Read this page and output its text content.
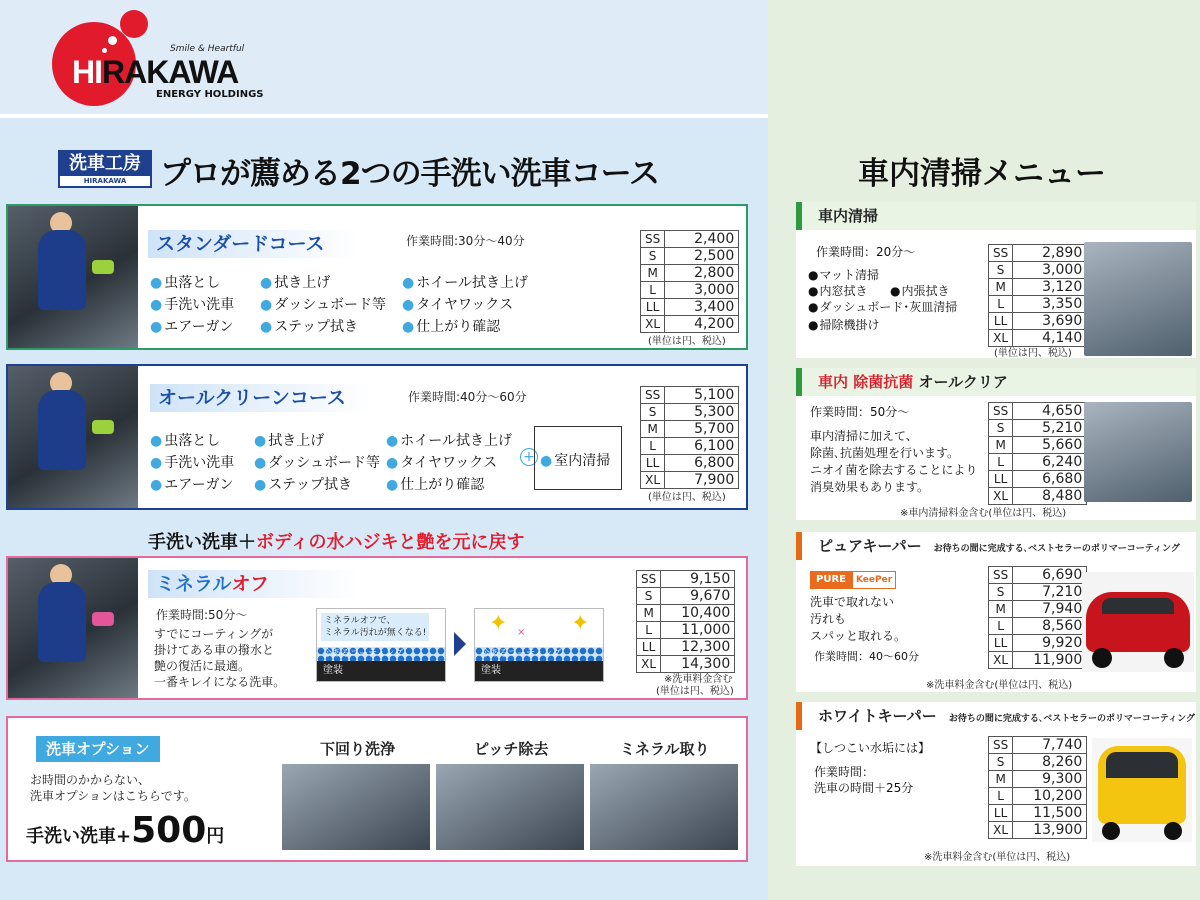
Smile & Heartful
HIRAKAWA
ENERGY HOLDINGS
洗車工房
HIRAKAWA	プロが薦める2つの手洗い洗車コース	車内清掃メニュー
スタンダードコース	作業時間:30分～40分
● 虫落とし	● 拭き上げ	● ホイール拭き上げ
● 手洗い洗車	● ダッシュボード等	● タイヤワックス
● エアーガン	● ステップ拭き	● 仕上がり確認
SS	2,400
S	2,500
M	2,800
L	3,000
LL	3,400
XL	4,200
(単位は円、税込)
オールクリーンコース	作業時間:40分～60分
● 虫落とし	● 拭き上げ	● ホイール拭き上げ
● 手洗い洗車	● ダッシュボード等	● タイヤワックス
● エアーガン	● ステップ拭き	● 仕上がり確認
+	● 室内清掃
SS	5,100
S	5,300
M	5,700
L	6,100
LL	6,800
XL	7,900
(単位は円、税込)
手洗い洗車＋ボディの水ハジキと艶を元に戻す
ミネラルオフ
作業時間:50分～
すでにコーティングが
掛けてある車の撥水と
艶の復活に最適。
一番キレイになる洗車。
ミネラルオフで、
ミネラル汚れが無くなる!
今あるコーティング
塗装
✦ × ✦
今あるコーティング
塗装
SS	9,150
S	9,670
M	10,400
L	11,000
LL	12,300
XL	14,300
※洗車料金含む
(単位は円、税込)
洗車オプション
お時間のかからない、
洗車オプションはこちらです。
手洗い洗車+500円
下回り洗浄	ピッチ除去	ミネラル取り
車内清掃
作業時間：20分～
● マット清掃
● 内窓拭き	● 内張拭き
● ダッシュボード･灰皿清掃
● 掃除機掛け
SS	2,890
S	3,000
M	3,120
L	3,350
LL	3,690
XL	4,140
(単位は円、税込)
車内 除菌抗菌 オールクリア
作業時間：50分～
車内清掃に加えて、
除菌､抗菌処理を行います。
ニオイ菌を除去することにより
消臭効果もあります。
SS	4,650
S	5,210
M	5,660
L	6,240
LL	6,680
XL	8,480
※車内清掃料金含む(単位は円、税込)
ピュアキーパー お待ちの間に完成する､ベストセラーのポリマーコーティング
洗車で取れない
汚れも
スパッと取れる。
作業時間：40～60分
SS	6,690
S	7,210
M	7,940
L	8,560
LL	9,920
XL	11,900
※洗車料金含む(単位は円、税込)
PURE	KeePer
ホワイトキーパー お待ちの間に完成する､ベストセラーのポリマーコーティング
【しつこい水垢には】
作業時間：
洗車の時間＋25分
SS	7,740
S	8,260
M	9,300
L	10,200
LL	11,500
XL	13,900
※洗車料金含む(単位は円、税込)
